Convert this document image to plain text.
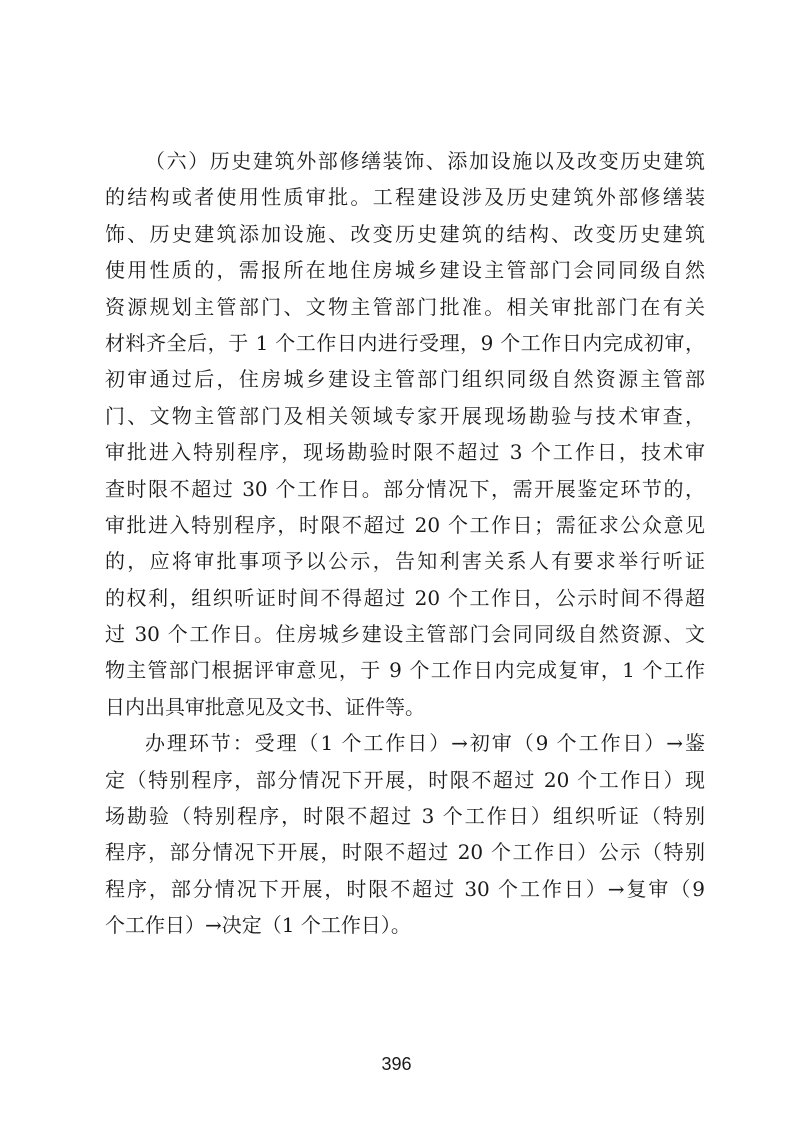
（六）历史建筑外部修缮装饰、添加设施以及改变历史建筑
的结构或者使用性质审批。工程建设涉及历史建筑外部修缮装
饰、历史建筑添加设施、改变历史建筑的结构、改变历史建筑
使用性质的，需报所在地住房城乡建设主管部门会同同级自然
资源规划主管部门、文物主管部门批准。相关审批部门在有关
材料齐全后，于 1 个工作日内进行受理，9 个工作日内完成初审，
初审通过后，住房城乡建设主管部门组织同级自然资源主管部
门、文物主管部门及相关领域专家开展现场勘验与技术审查，
审批进入特别程序，现场勘验时限不超过 3 个工作日，技术审
查时限不超过 30 个工作日。部分情况下，需开展鉴定环节的，
审批进入特别程序，时限不超过 20 个工作日；需征求公众意见
的，应将审批事项予以公示，告知利害关系人有要求举行听证
的权利，组织听证时间不得超过 20 个工作日，公示时间不得超
过 30 个工作日。住房城乡建设主管部门会同同级自然资源、文
物主管部门根据评审意见，于 9 个工作日内完成复审，1 个工作
日内出具审批意见及文书、证件等。
办理环节：受理（1 个工作日）→初审（9 个工作日）→鉴
定（特别程序，部分情况下开展，时限不超过 20 个工作日）现
场勘验（特别程序，时限不超过 3 个工作日）组织听证（特别
程序，部分情况下开展，时限不超过 20 个工作日）公示（特别
程序，部分情况下开展，时限不超过 30 个工作日）→复审（9
个工作日）→决定（1 个工作日）。
396
